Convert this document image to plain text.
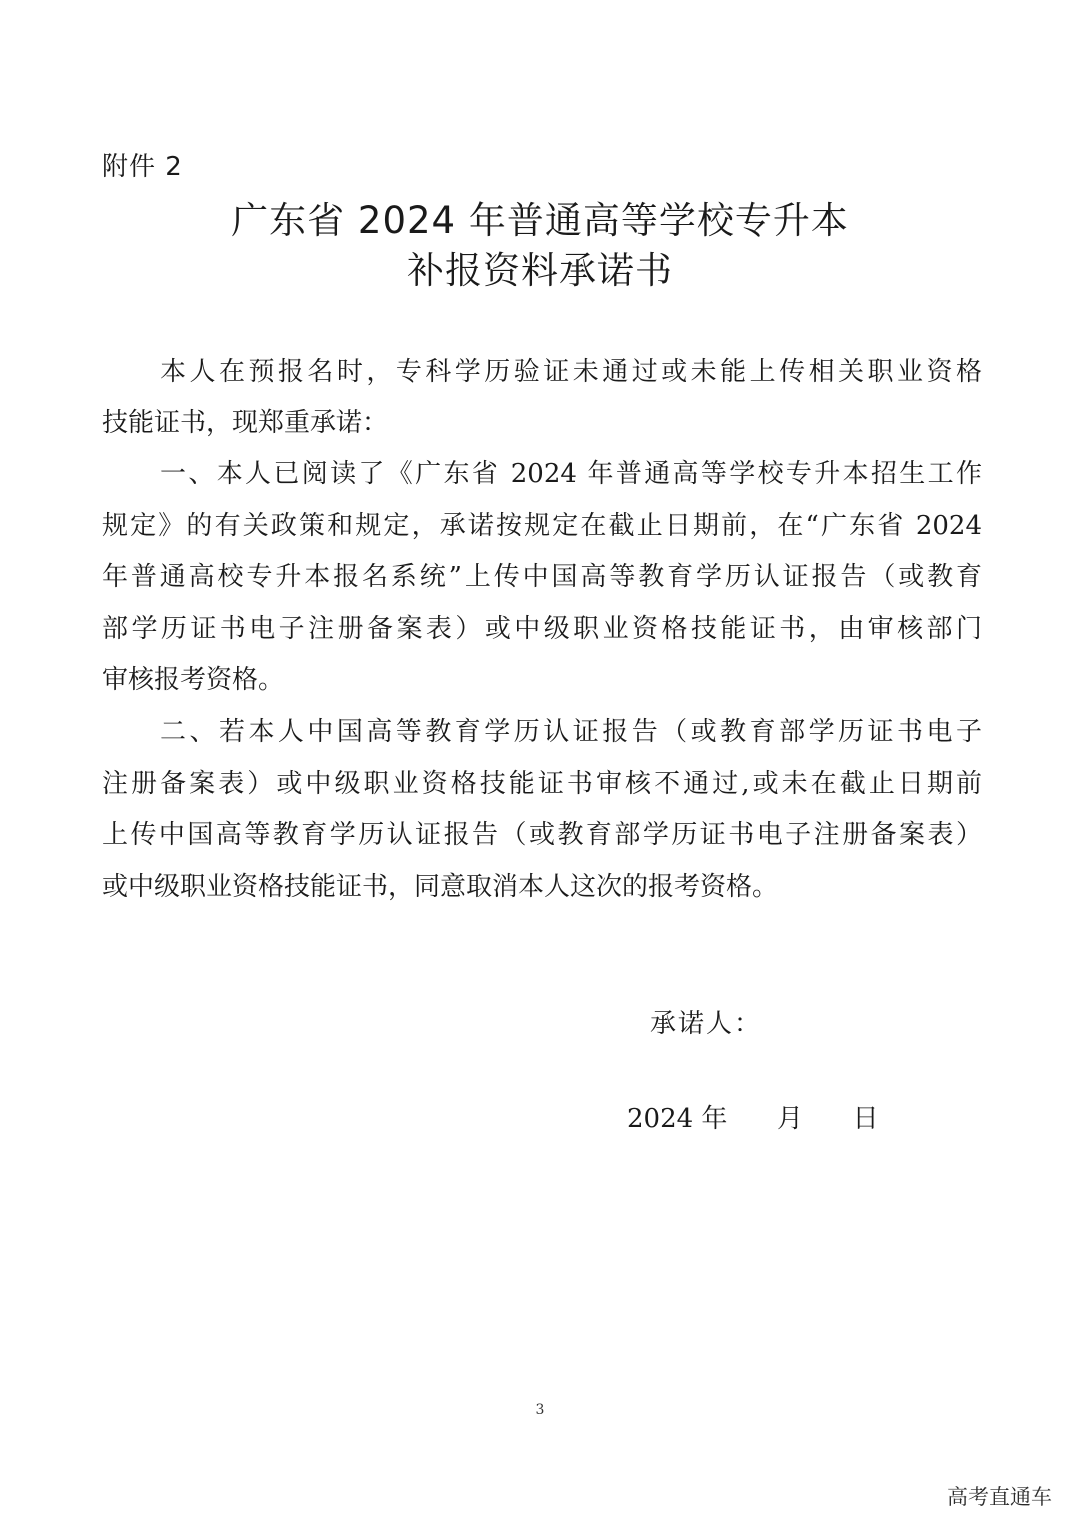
附件 2
广东省 2024 年普通高等学校专升本
补报资料承诺书
本人在预报名时，专科学历验证未通过或未能上传相关职业资格
技能证书，现郑重承诺：
一、本人已阅读了《广东省 2024 年普通高等学校专升本招生工作
规定》的有关政策和规定，承诺按规定在截止日期前，在“广东省 2024
年普通高校专升本报名系统”上传中国高等教育学历认证报告（或教育
部学历证书电子注册备案表）或中级职业资格技能证书，由审核部门
审核报考资格。
二、若本人中国高等教育学历认证报告（或教育部学历证书电子
注册备案表）或中级职业资格技能证书审核不通过,或未在截止日期前
上传中国高等教育学历认证报告（或教育部学历证书电子注册备案表）
或中级职业资格技能证书，同意取消本人这次的报考资格。
承诺人：
2024 年      月      日
3
高考直通车
